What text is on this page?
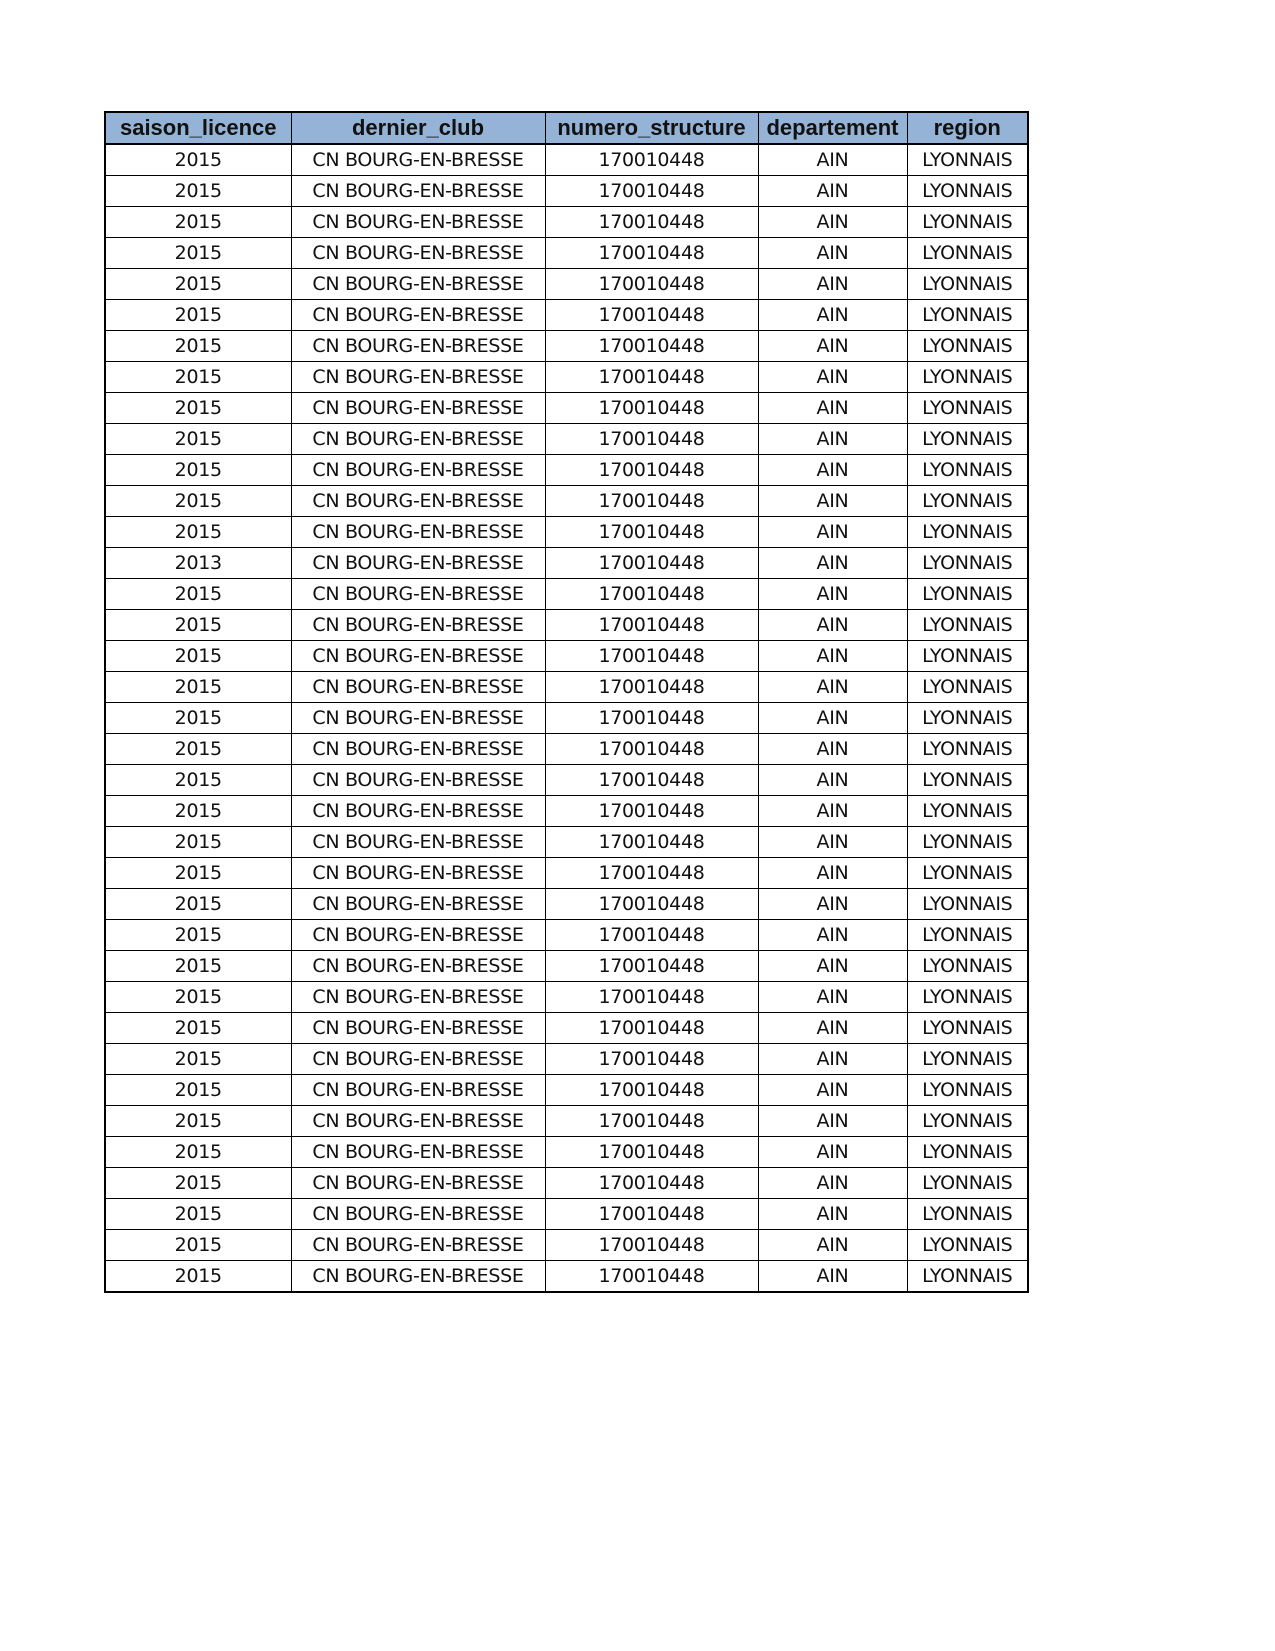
saison_licence	dernier_club	numero_structure	departement	region
2015	CN BOURG-EN-BRESSE	170010448	AIN	LYONNAIS
2015	CN BOURG-EN-BRESSE	170010448	AIN	LYONNAIS
2015	CN BOURG-EN-BRESSE	170010448	AIN	LYONNAIS
2015	CN BOURG-EN-BRESSE	170010448	AIN	LYONNAIS
2015	CN BOURG-EN-BRESSE	170010448	AIN	LYONNAIS
2015	CN BOURG-EN-BRESSE	170010448	AIN	LYONNAIS
2015	CN BOURG-EN-BRESSE	170010448	AIN	LYONNAIS
2015	CN BOURG-EN-BRESSE	170010448	AIN	LYONNAIS
2015	CN BOURG-EN-BRESSE	170010448	AIN	LYONNAIS
2015	CN BOURG-EN-BRESSE	170010448	AIN	LYONNAIS
2015	CN BOURG-EN-BRESSE	170010448	AIN	LYONNAIS
2015	CN BOURG-EN-BRESSE	170010448	AIN	LYONNAIS
2015	CN BOURG-EN-BRESSE	170010448	AIN	LYONNAIS
2013	CN BOURG-EN-BRESSE	170010448	AIN	LYONNAIS
2015	CN BOURG-EN-BRESSE	170010448	AIN	LYONNAIS
2015	CN BOURG-EN-BRESSE	170010448	AIN	LYONNAIS
2015	CN BOURG-EN-BRESSE	170010448	AIN	LYONNAIS
2015	CN BOURG-EN-BRESSE	170010448	AIN	LYONNAIS
2015	CN BOURG-EN-BRESSE	170010448	AIN	LYONNAIS
2015	CN BOURG-EN-BRESSE	170010448	AIN	LYONNAIS
2015	CN BOURG-EN-BRESSE	170010448	AIN	LYONNAIS
2015	CN BOURG-EN-BRESSE	170010448	AIN	LYONNAIS
2015	CN BOURG-EN-BRESSE	170010448	AIN	LYONNAIS
2015	CN BOURG-EN-BRESSE	170010448	AIN	LYONNAIS
2015	CN BOURG-EN-BRESSE	170010448	AIN	LYONNAIS
2015	CN BOURG-EN-BRESSE	170010448	AIN	LYONNAIS
2015	CN BOURG-EN-BRESSE	170010448	AIN	LYONNAIS
2015	CN BOURG-EN-BRESSE	170010448	AIN	LYONNAIS
2015	CN BOURG-EN-BRESSE	170010448	AIN	LYONNAIS
2015	CN BOURG-EN-BRESSE	170010448	AIN	LYONNAIS
2015	CN BOURG-EN-BRESSE	170010448	AIN	LYONNAIS
2015	CN BOURG-EN-BRESSE	170010448	AIN	LYONNAIS
2015	CN BOURG-EN-BRESSE	170010448	AIN	LYONNAIS
2015	CN BOURG-EN-BRESSE	170010448	AIN	LYONNAIS
2015	CN BOURG-EN-BRESSE	170010448	AIN	LYONNAIS
2015	CN BOURG-EN-BRESSE	170010448	AIN	LYONNAIS
2015	CN BOURG-EN-BRESSE	170010448	AIN	LYONNAIS
